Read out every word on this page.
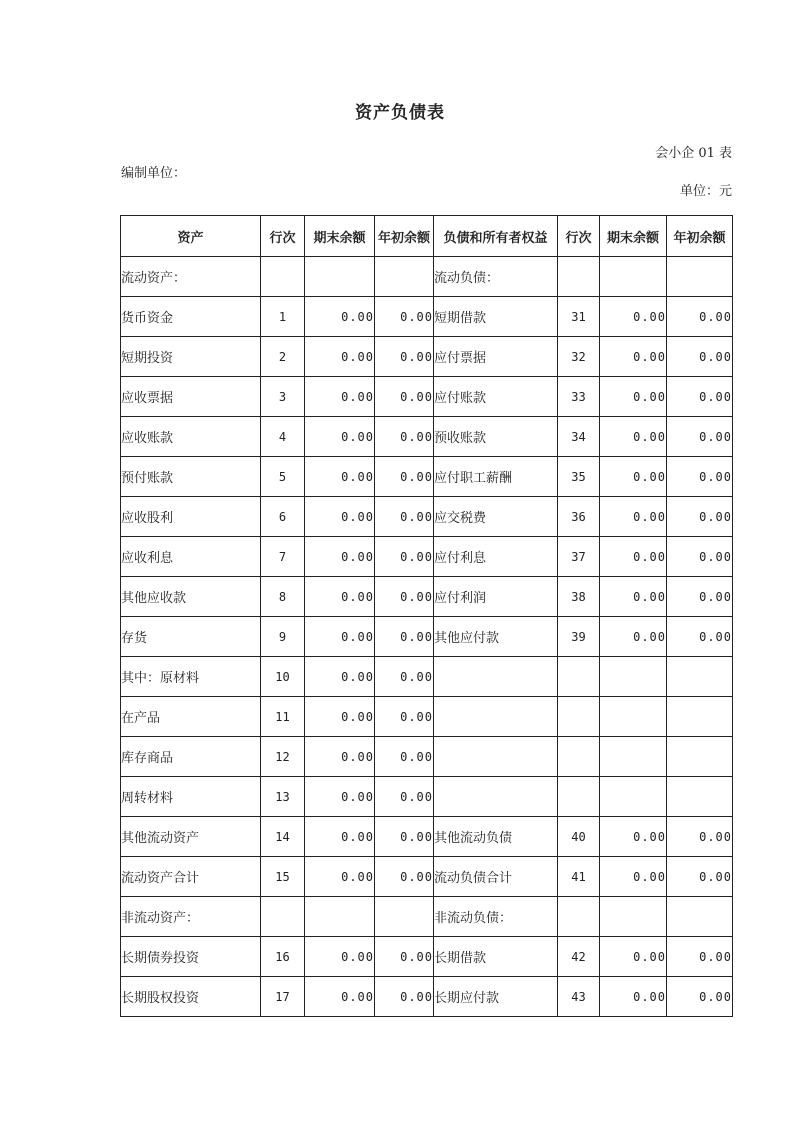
资产负债表
会小企 01 表
编制单位：
单位：元
资产	行次	期末余额	年初余额	负债和所有者权益	行次	期末余额	年初余额
流动资产：				流动负债：			
货币资金	1	0.00	0.00	短期借款	31	0.00	0.00
短期投资	2	0.00	0.00	应付票据	32	0.00	0.00
应收票据	3	0.00	0.00	应付账款	33	0.00	0.00
应收账款	4	0.00	0.00	预收账款	34	0.00	0.00
预付账款	5	0.00	0.00	应付职工薪酬	35	0.00	0.00
应收股利	6	0.00	0.00	应交税费	36	0.00	0.00
应收利息	7	0.00	0.00	应付利息	37	0.00	0.00
其他应收款	8	0.00	0.00	应付利润	38	0.00	0.00
存货	9	0.00	0.00	其他应付款	39	0.00	0.00
其中：原材料	10	0.00	0.00				
在产品	11	0.00	0.00				
库存商品	12	0.00	0.00				
周转材料	13	0.00	0.00				
其他流动资产	14	0.00	0.00	其他流动负债	40	0.00	0.00
流动资产合计	15	0.00	0.00	流动负债合计	41	0.00	0.00
非流动资产：				非流动负债：			
长期债券投资	16	0.00	0.00	长期借款	42	0.00	0.00
长期股权投资	17	0.00	0.00	长期应付款	43	0.00	0.00
